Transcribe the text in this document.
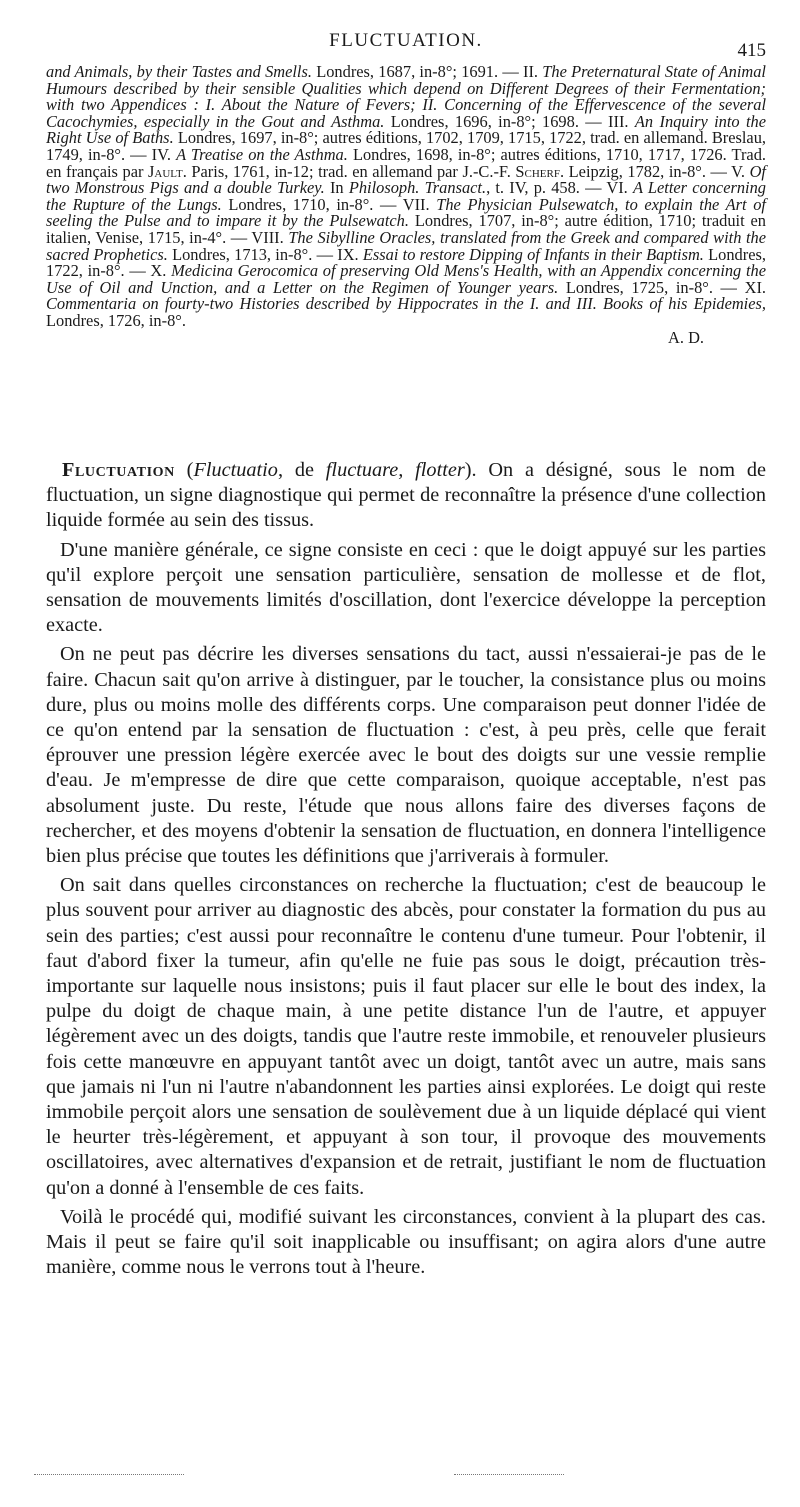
FLUCTUATION.	415

and Animals, by their Tastes and Smells. Londres, 1687, in-8°; 1691. — II. The Preternatural State of Animal Humours described by their sensible Qualities which depend on Different Degrees of their Fermentation; with two Appendices : I. About the Nature of Fevers; II. Concerning of the Effervescence of the several Cacochymies, especially in the Gout and Asthma. Londres, 1696, in-8°; 1698. — III. An Inquiry into the Right Use of Baths. Londres, 1697, in-8°; autres éditions, 1702, 1709, 1715, 1722, trad. en allemand. Breslau, 1749, in-8°. — IV. A Treatise on the Asthma. Londres, 1698, in-8°; autres éditions, 1710, 1717, 1726. Trad. en français par Jault. Paris, 1761, in-12; trad. en allemand par J.-C.-F. Scherf. Leipzig, 1782, in-8°. — V. Of two Monstrous Pigs and a double Turkey. In Philosoph. Transact., t. IV, p. 458. — VI. A Letter concerning the Rupture of the Lungs. Londres, 1710, in-8°. — VII. The Physician Pulsewatch, to explain the Art of seeling the Pulse and to impare it by the Pulsewatch. Londres, 1707, in-8°; autre édition, 1710; traduit en italien, Venise, 1715, in-4°. — VIII. The Sibylline Oracles, translated from the Greek and compared with the sacred Prophetics. Londres, 1713, in-8°. — IX. Essai to restore Dipping of Infants in their Baptism. Londres, 1722, in-8°. — X. Medicina Gerocomica of preserving Old Mens's Health, with an Appendix concerning the Use of Oil and Unction, and a Letter on the Regimen of Younger years. Londres, 1725, in-8°. — XI. Commentaria on fourty-two Histories described by Hippocrates in the I. and III. Books of his Epidemies, Londres, 1726, in-8°.

A. D.

Fluctuation (Fluctuatio, de fluctuare, flotter). On a désigné, sous le nom de fluctuation, un signe diagnostique qui permet de reconnaître la présence d'une collection liquide formée au sein des tissus.

D'une manière générale, ce signe consiste en ceci : que le doigt appuyé sur les parties qu'il explore perçoit une sensation particulière, sensation de mollesse et de flot, sensation de mouvements limités d'oscillation, dont l'exercice développe la perception exacte.

On ne peut pas décrire les diverses sensations du tact, aussi n'essaierai-je pas de le faire. Chacun sait qu'on arrive à distinguer, par le toucher, la consistance plus ou moins dure, plus ou moins molle des différents corps. Une comparaison peut donner l'idée de ce qu'on entend par la sensation de fluctuation : c'est, à peu près, celle que ferait éprouver une pression légère exercée avec le bout des doigts sur une vessie remplie d'eau. Je m'empresse de dire que cette comparaison, quoique acceptable, n'est pas absolument juste. Du reste, l'étude que nous allons faire des diverses façons de rechercher, et des moyens d'obtenir la sensation de fluctuation, en donnera l'intelligence bien plus précise que toutes les définitions que j'arriverais à formuler.

On sait dans quelles circonstances on recherche la fluctuation; c'est de beaucoup le plus souvent pour arriver au diagnostic des abcès, pour constater la formation du pus au sein des parties; c'est aussi pour reconnaître le contenu d'une tumeur. Pour l'obtenir, il faut d'abord fixer la tumeur, afin qu'elle ne fuie pas sous le doigt, précaution très-importante sur laquelle nous insistons; puis il faut placer sur elle le bout des index, la pulpe du doigt de chaque main, à une petite distance l'un de l'autre, et appuyer légèrement avec un des doigts, tandis que l'autre reste immobile, et renouveler plusieurs fois cette manœuvre en appuyant tantôt avec un doigt, tantôt avec un autre, mais sans que jamais ni l'un ni l'autre n'abandonnent les parties ainsi explorées. Le doigt qui reste immobile perçoit alors une sensation de soulèvement due à un liquide déplacé qui vient le heurter très-légèrement, et appuyant à son tour, il provoque des mouvements oscillatoires, avec alternatives d'expansion et de retrait, justifiant le nom de fluctuation qu'on a donné à l'ensemble de ces faits.

Voilà le procédé qui, modifié suivant les circonstances, convient à la plupart des cas. Mais il peut se faire qu'il soit inapplicable ou insuffisant; on agira alors d'une autre manière, comme nous le verrons tout à l'heure.
